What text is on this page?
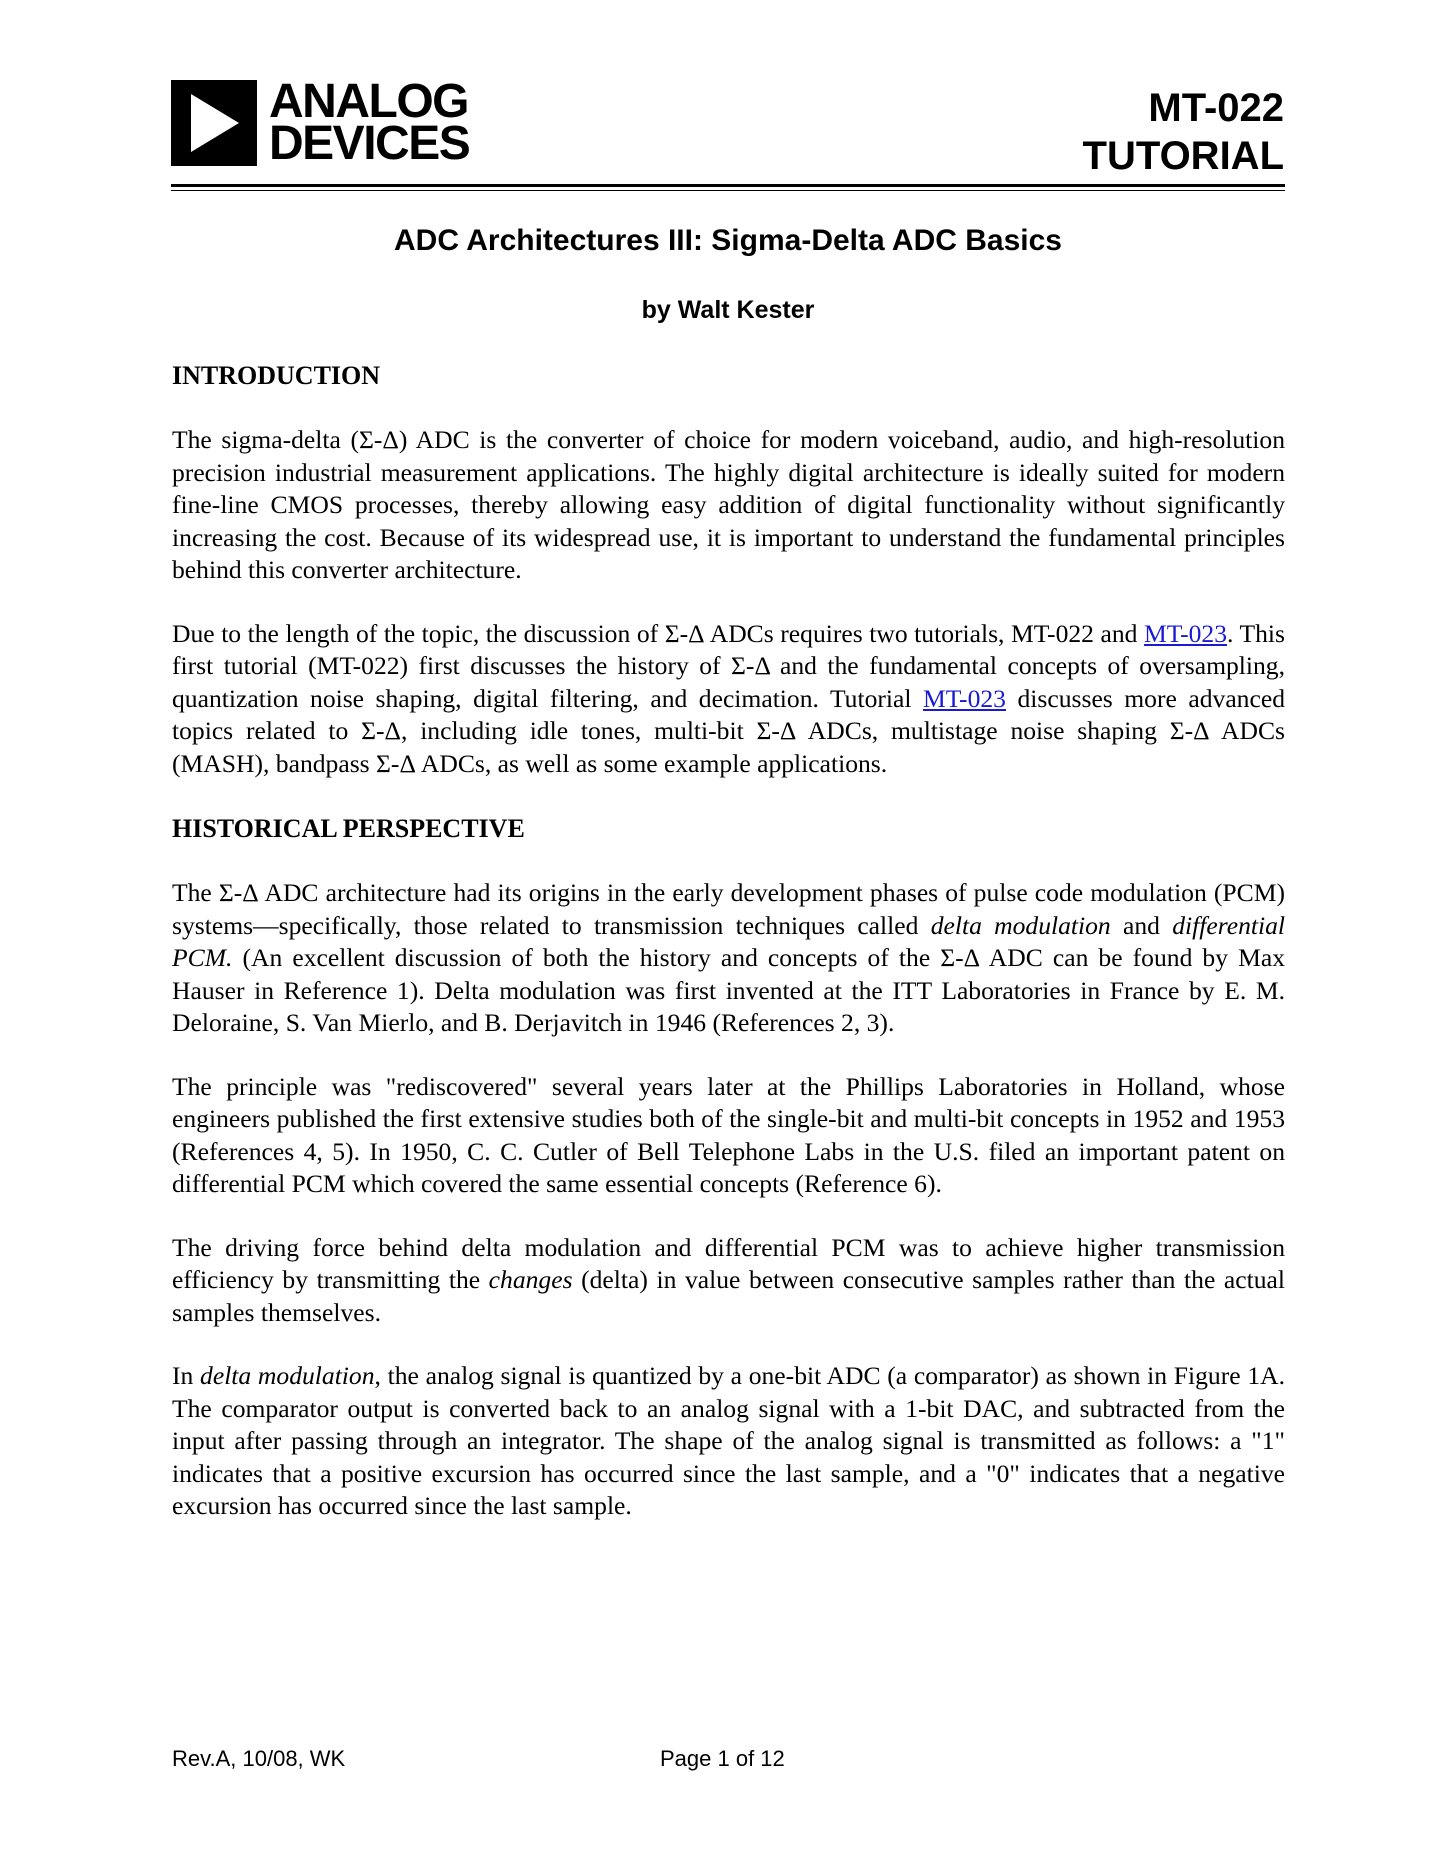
ANALOG
DEVICES
MT-022
TUTORIAL
ADC Architectures III: Sigma-Delta ADC Basics
by Walt Kester
INTRODUCTION

The sigma-delta (Σ-Δ) ADC is the converter of choice for modern voiceband, audio, and high-resolution precision industrial measurement applications. The highly digital architecture is ideally suited for modern fine-line CMOS processes, thereby allowing easy addition of digital functionality without significantly increasing the cost. Because of its widespread use, it is important to understand the fundamental principles behind this converter architecture.

Due to the length of the topic, the discussion of Σ-Δ ADCs requires two tutorials, MT-022 and MT-023. This first tutorial (MT-022) first discusses the history of Σ-Δ and the fundamental concepts of oversampling, quantization noise shaping, digital filtering, and decimation. Tutorial MT-023 discusses more advanced topics related to Σ-Δ, including idle tones, multi-bit Σ-Δ ADCs, multistage noise shaping Σ-Δ ADCs (MASH), bandpass Σ-Δ ADCs, as well as some example applications.

HISTORICAL PERSPECTIVE

The Σ-Δ ADC architecture had its origins in the early development phases of pulse code modulation (PCM) systems—specifically, those related to transmission techniques called delta modulation and differential PCM. (An excellent discussion of both the history and concepts of the Σ-Δ ADC can be found by Max Hauser in Reference 1). Delta modulation was first invented at the ITT Laboratories in France by E. M. Deloraine, S. Van Mierlo, and B. Derjavitch in 1946 (References 2, 3).

The principle was "rediscovered" several years later at the Phillips Laboratories in Holland, whose engineers published the first extensive studies both of the single-bit and multi-bit concepts in 1952 and 1953 (References 4, 5). In 1950, C. C. Cutler of Bell Telephone Labs in the U.S. filed an important patent on differential PCM which covered the same essential concepts (Reference 6).

The driving force behind delta modulation and differential PCM was to achieve higher transmission efficiency by transmitting the changes (delta) in value between consecutive samples rather than the actual samples themselves.

In delta modulation, the analog signal is quantized by a one-bit ADC (a comparator) as shown in Figure 1A. The comparator output is converted back to an analog signal with a 1-bit DAC, and subtracted from the input after passing through an integrator. The shape of the analog signal is transmitted as follows: a "1" indicates that a positive excursion has occurred since the last sample, and a "0" indicates that a negative excursion has occurred since the last sample.

Rev.A, 10/08, WK	Page 1 of 12
